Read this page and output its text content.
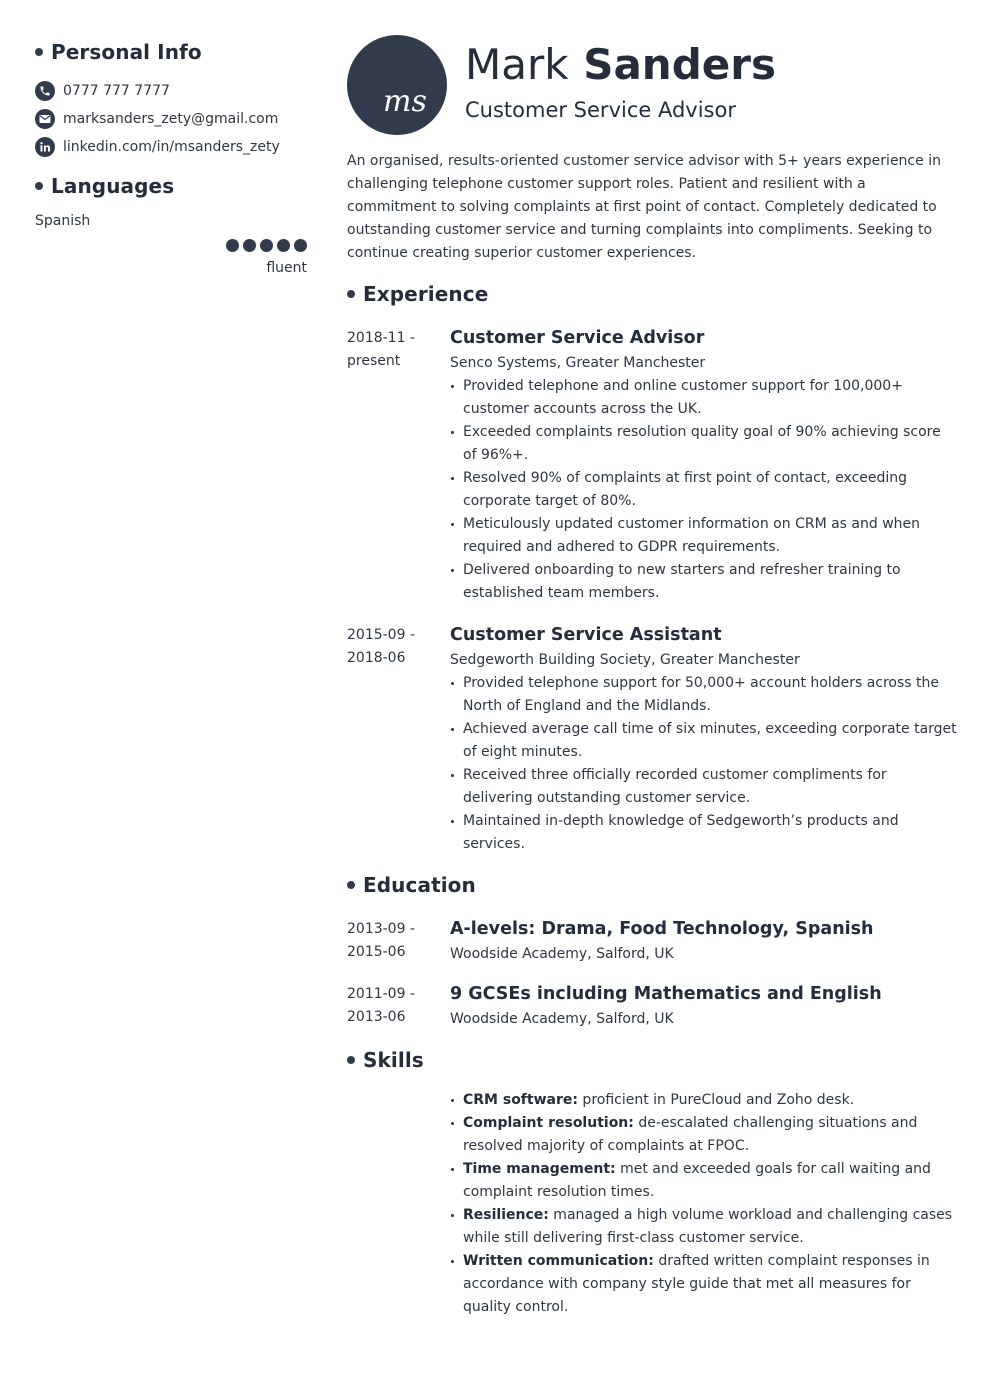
Personal Info
0777 777 7777
marksanders_zety@gmail.com
linkedin.com/in/msanders_zety
Languages
Spanish
fluent
ms
Mark Sanders
Customer Service Advisor

An organised, results-oriented customer service advisor with 5+ years experience in challenging telephone customer support roles. Patient and resilient with a commitment to solving complaints at first point of contact. Completely dedicated to outstanding customer service and turning complaints into compliments. Seeking to continue creating superior customer experiences.

Experience
2018-11 -
present
Customer Service Advisor
Senco Systems, Greater Manchester
Provided telephone and online customer support for 100,000+ customer accounts across the UK.
Exceeded complaints resolution quality goal of 90% achieving score of 96%+.
Resolved 90% of complaints at first point of contact, exceeding corporate target of 80%.
Meticulously updated customer information on CRM as and when required and adhered to GDPR requirements.
Delivered onboarding to new starters and refresher training to established team members.
2015-09 -
2018-06
Customer Service Assistant
Sedgeworth Building Society, Greater Manchester
Provided telephone support for 50,000+ account holders across the North of England and the Midlands.
Achieved average call time of six minutes, exceeding corporate target of eight minutes.
Received three officially recorded customer compliments for delivering outstanding customer service.
Maintained in-depth knowledge of Sedgeworth’s products and services.
Education
2013-09 -
2015-06
A-levels: Drama, Food Technology, Spanish
Woodside Academy, Salford, UK
2011-09 -
2013-06
9 GCSEs including Mathematics and English
Woodside Academy, Salford, UK
Skills
CRM software: proficient in PureCloud and Zoho desk.
Complaint resolution: de-escalated challenging situations and resolved majority of complaints at FPOC.
Time management: met and exceeded goals for call waiting and complaint resolution times.
Resilience: managed a high volume workload and challenging cases while still delivering first-class customer service.
Written communication: drafted written complaint responses in accordance with company style guide that met all measures for quality control.
